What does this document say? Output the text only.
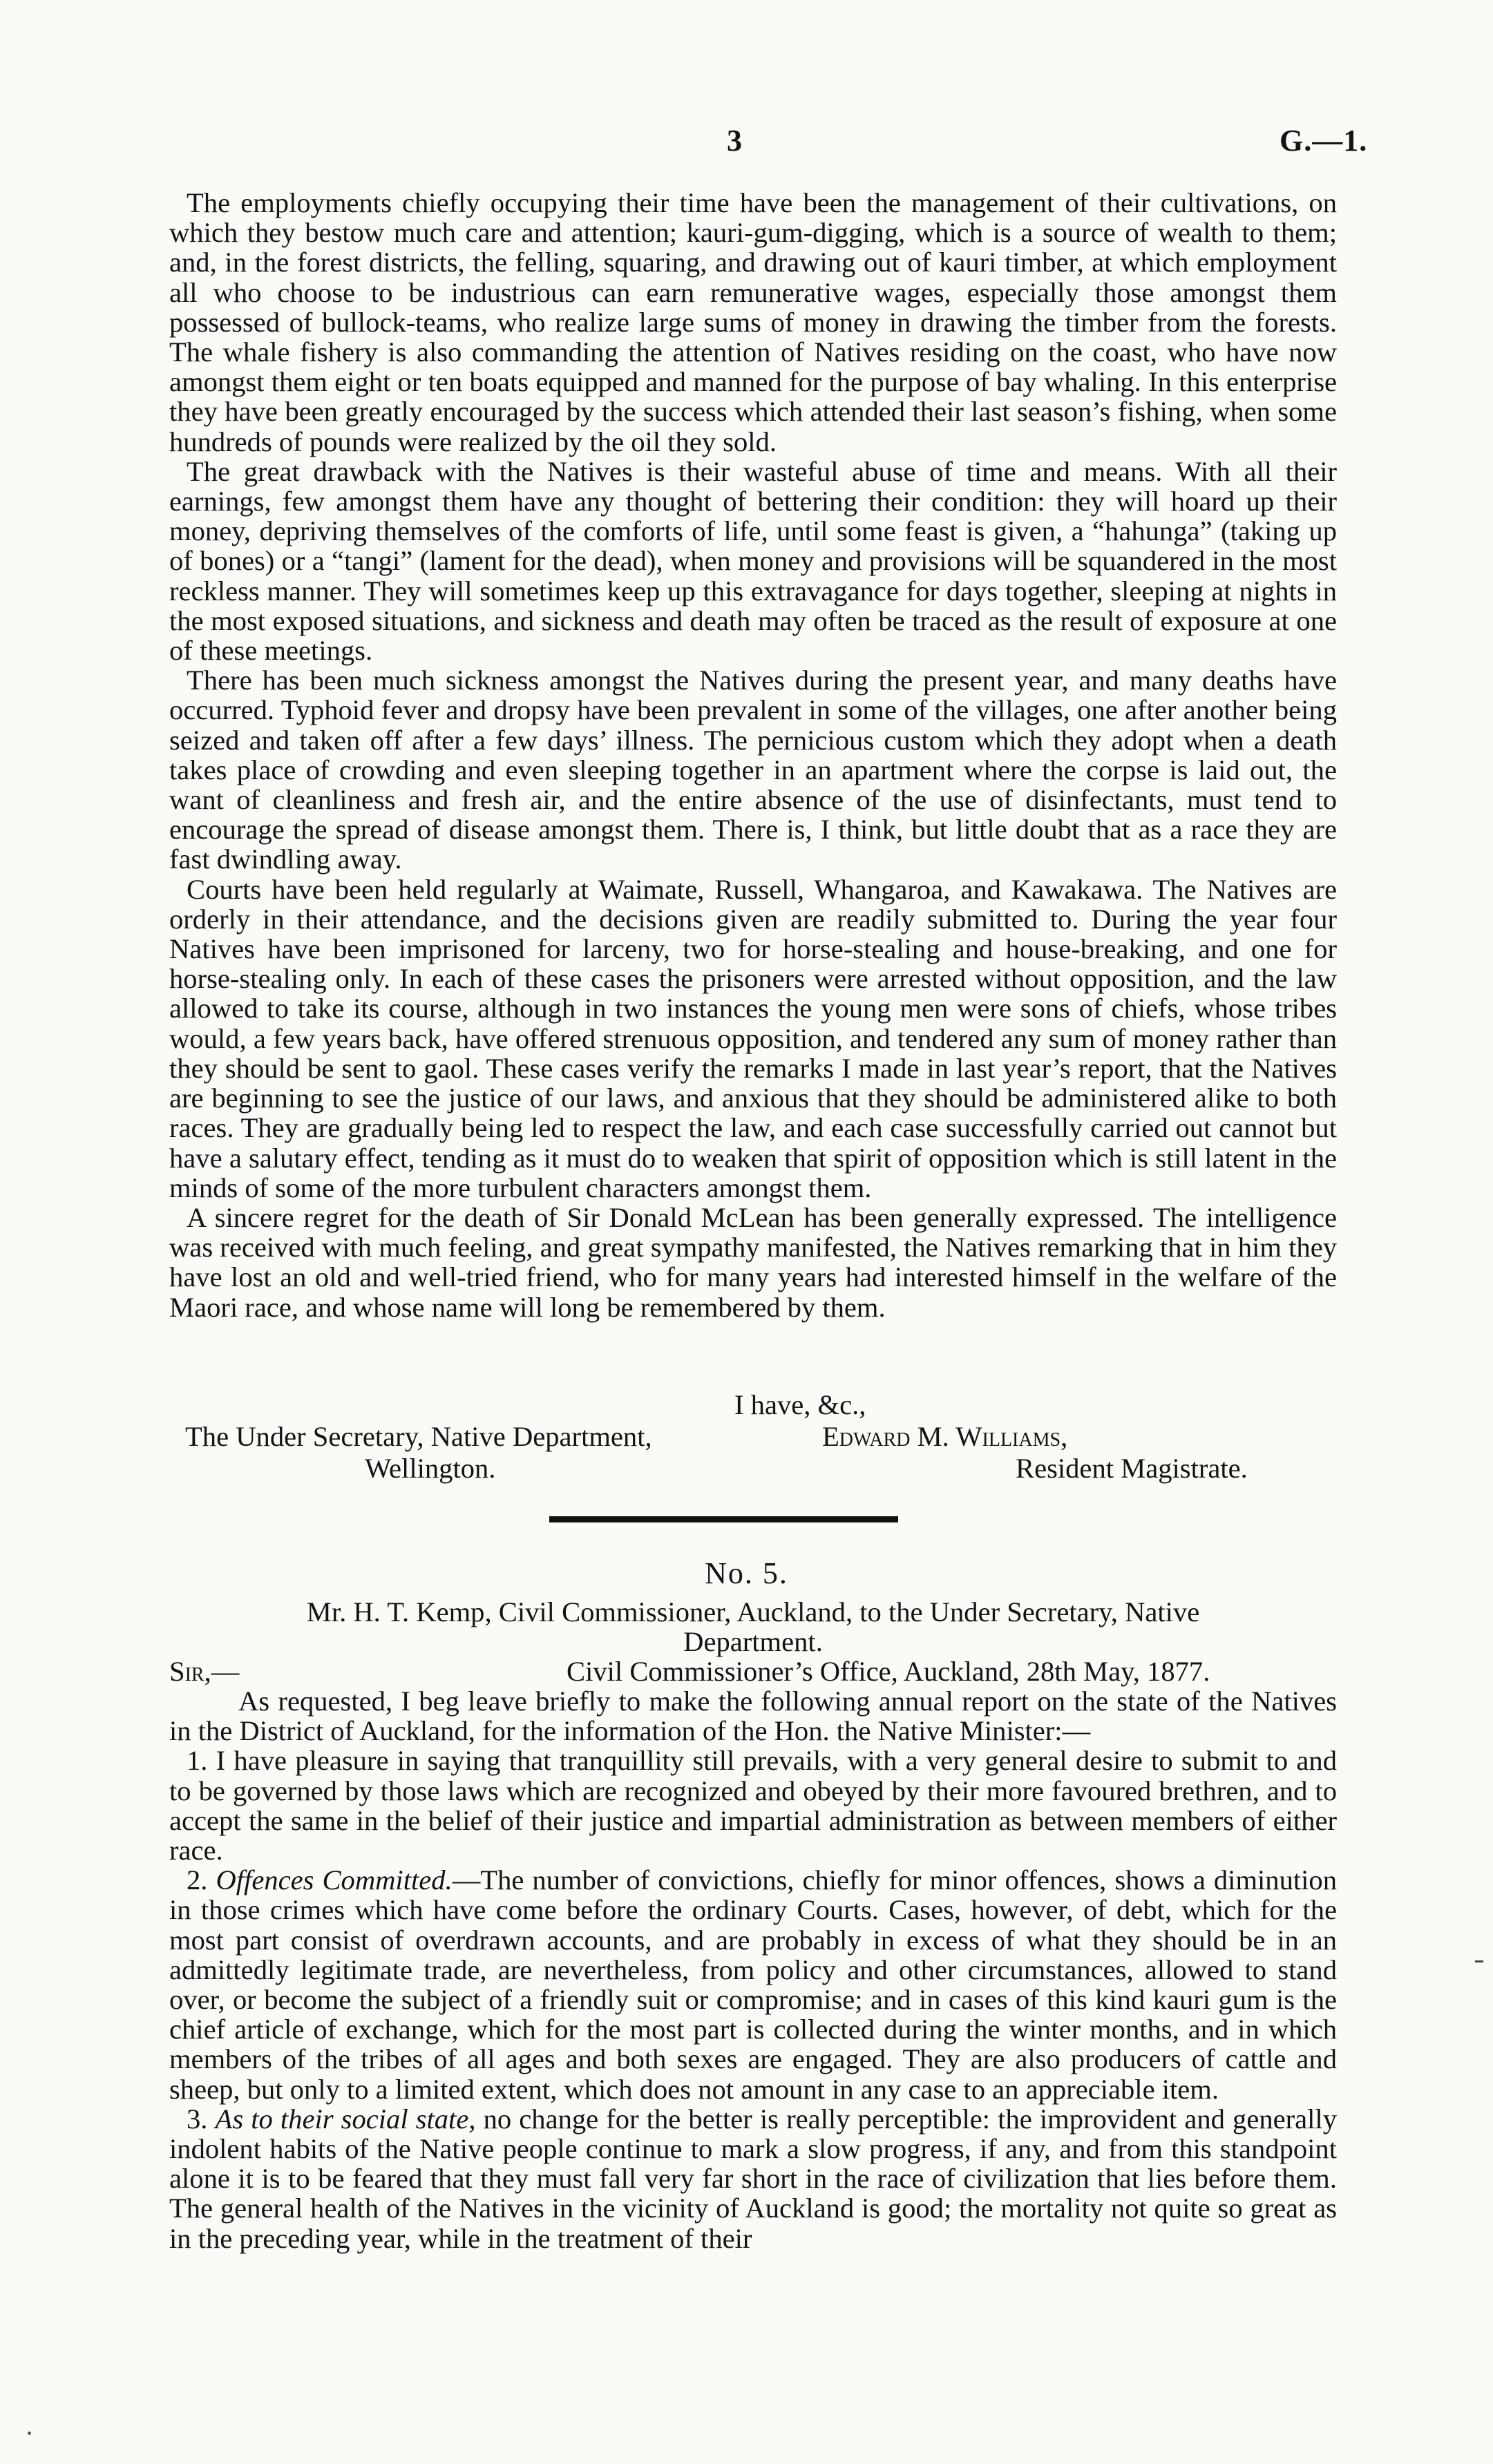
3	G.—1.

The employments chiefly occupying their time have been the management of their cultivations, on which they bestow much care and attention; kauri-gum-digging, which is a source of wealth to them; and, in the forest districts, the felling, squaring, and drawing out of kauri timber, at which employment all who choose to be industrious can earn remunerative wages, especially those amongst them possessed of bullock-teams, who realize large sums of money in drawing the timber from the forests. The whale fishery is also commanding the attention of Natives residing on the coast, who have now amongst them eight or ten boats equipped and manned for the purpose of bay whaling. In this enterprise they have been greatly encouraged by the success which attended their last season’s fishing, when some hundreds of pounds were realized by the oil they sold.

The great drawback with the Natives is their wasteful abuse of time and means. With all their earnings, few amongst them have any thought of bettering their condition: they will hoard up their money, depriving themselves of the comforts of life, until some feast is given, a “hahunga” (taking up of bones) or a “tangi” (lament for the dead), when money and provisions will be squandered in the most reckless manner. They will sometimes keep up this extravagance for days together, sleeping at nights in the most exposed situations, and sickness and death may often be traced as the result of exposure at one of these meetings.

There has been much sickness amongst the Natives during the present year, and many deaths have occurred. Typhoid fever and dropsy have been prevalent in some of the villages, one after another being seized and taken off after a few days’ illness. The pernicious custom which they adopt when a death takes place of crowding and even sleeping together in an apartment where the corpse is laid out, the want of cleanliness and fresh air, and the entire absence of the use of disinfectants, must tend to encourage the spread of disease amongst them. There is, I think, but little doubt that as a race they are fast dwindling away.

Courts have been held regularly at Waimate, Russell, Whangaroa, and Kawakawa. The Natives are orderly in their attendance, and the decisions given are readily submitted to. During the year four Natives have been imprisoned for larceny, two for horse-stealing and house-breaking, and one for horse-stealing only. In each of these cases the prisoners were arrested without opposition, and the law allowed to take its course, although in two instances the young men were sons of chiefs, whose tribes would, a few years back, have offered strenuous opposition, and tendered any sum of money rather than they should be sent to gaol. These cases verify the remarks I made in last year’s report, that the Natives are beginning to see the justice of our laws, and anxious that they should be administered alike to both races. They are gradually being led to respect the law, and each case successfully carried out cannot but have a salutary effect, tending as it must do to weaken that spirit of opposition which is still latent in the minds of some of the more turbulent characters amongst them.

A sincere regret for the death of Sir Donald McLean has been generally expressed. The intelligence was received with much feeling, and great sympathy manifested, the Natives remarking that in him they have lost an old and well-tried friend, who for many years had interested himself in the welfare of the Maori race, and whose name will long be remembered by them.

I have, &c.,
The Under Secretary, Native Department,
Wellington.
Edward M. Williams,
Resident Magistrate.
No. 5.
Mr. H. T. Kemp, Civil Commissioner, Auckland, to the Under Secretary, Native
Department.
Sir,—	Civil Commissioner’s Office, Auckland, 28th May, 1877.

As requested, I beg leave briefly to make the following annual report on the state of the Natives in the District of Auckland, for the information of the Hon. the Native Minister:—

1. I have pleasure in saying that tranquillity still prevails, with a very general desire to submit to and to be governed by those laws which are recognized and obeyed by their more favoured brethren, and to accept the same in the belief of their justice and impartial administration as between members of either race.

2. Offences Committed.—The number of convictions, chiefly for minor offences, shows a diminution in those crimes which have come before the ordinary Courts. Cases, however, of debt, which for the most part consist of overdrawn accounts, and are probably in excess of what they should be in an admittedly legitimate trade, are nevertheless, from policy and other circumstances, allowed to stand over, or become the subject of a friendly suit or compromise; and in cases of this kind kauri gum is the chief article of exchange, which for the most part is collected during the winter months, and in which members of the tribes of all ages and both sexes are engaged. They are also producers of cattle and sheep, but only to a limited extent, which does not amount in any case to an appreciable item.

3. As to their social state, no change for the better is really perceptible: the improvident and generally indolent habits of the Native people continue to mark a slow progress, if any, and from this standpoint alone it is to be feared that they must fall very far short in the race of civilization that lies before them. The general health of the Natives in the vicinity of Auckland is good; the mortality not quite so great as in the preceding year, while in the treatment of their
